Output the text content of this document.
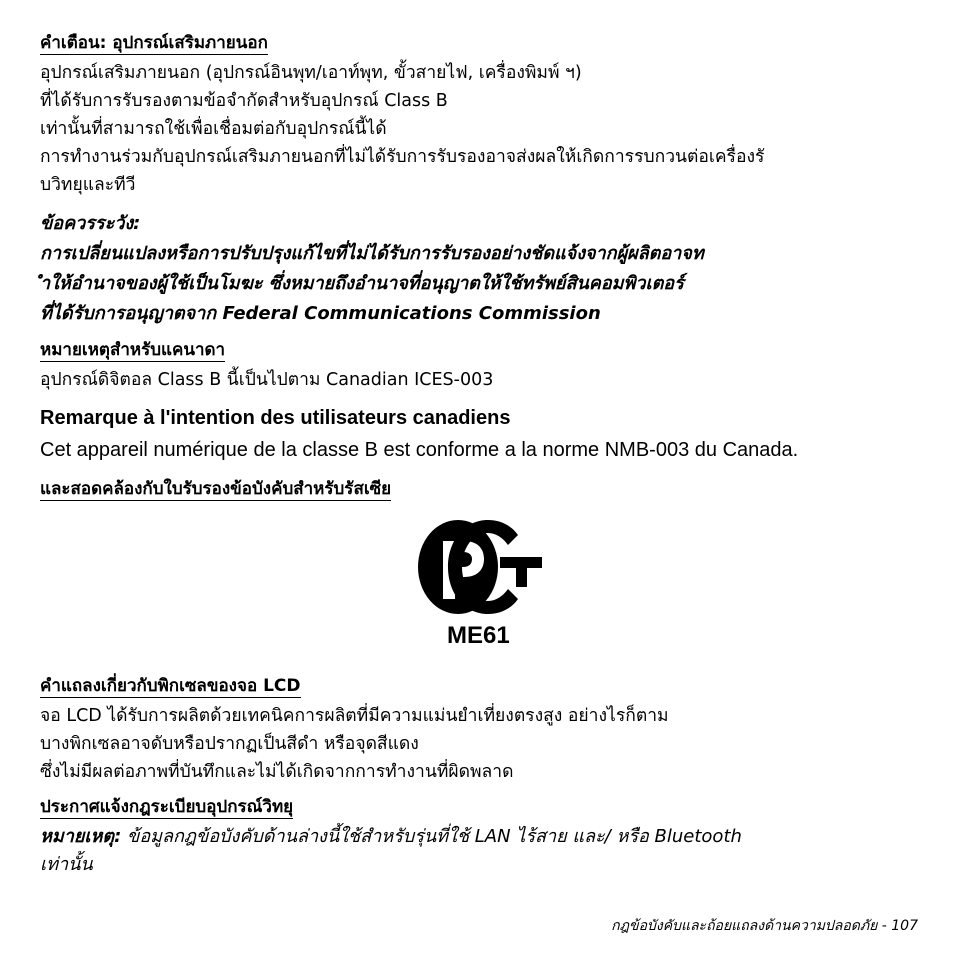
คำเตือน: อุปกรณ์เสริมภายนอก

อุปกรณ์เสริมภายนอก (อุปกรณ์อินพุท/เอาท์พุท, ขั้วสายไฟ, เครื่องพิมพ์ ฯ)

ที่ได้รับการรับรองตามข้อจำกัดสำหรับอุปกรณ์ Class B

เท่านั้นที่สามารถใช้เพื่อเชื่อมต่อกับอุปกรณ์นี้ได้

การทำงานร่วมกับอุปกรณ์เสริมภายนอกที่ไม่ได้รับการรับรองอาจส่งผลให้เกิดการรบกวนต่อเครื่องรั

บวิทยุและทีวี

ข้อควรระวัง:

การเปลี่ยนแปลงหรือการปรับปรุงแก้ไขที่ไม่ได้รับการรับรองอย่างชัดแจ้งจากผู้ผลิตอาจท

ำให้อำนาจของผู้ใช้เป็นโมฆะ ซึ่งหมายถึงอำนาจที่อนุญาตให้ใช้ทรัพย์สินคอมพิวเตอร์

ที่ได้รับการอนุญาตจาก Federal Communications Commission

หมายเหตุสำหรับแคนาดา

อุปกรณ์ดิจิตอล Class B นี้เป็นไปตาม Canadian ICES-003

Remarque à l'intention des utilisateurs canadiens

Cet appareil numérique de la classe B est conforme a la norme NMB-003 du Canada.

และสอดคล้องกับใบรับรองข้อบังคับสำหรับรัสเซีย
ME61
คำแถลงเกี่ยวกับพิกเซลของจอ LCD

จอ LCD ได้รับการผลิตด้วยเทคนิคการผลิตที่มีความแม่นยำเที่ยงตรงสูง อย่างไรก็ตาม

บางพิกเซลอาจดับหรือปรากฏเป็นสีดำ หรือจุดสีแดง

ซึ่งไม่มีผลต่อภาพที่บันทึกและไม่ได้เกิดจากการทำงานที่ผิดพลาด

ประกาศแจ้งกฎระเบียบอุปกรณ์วิทยุ

หมายเหตุ: ข้อมูลกฎข้อบังคับด้านล่างนี้ใช้สำหรับรุ่นที่ใช้ LAN ไร้สาย และ/ หรือ Bluetooth

เท่านั้น

กฎข้อบังคับและถ้อยแถลงด้านความปลอดภัย - 107
